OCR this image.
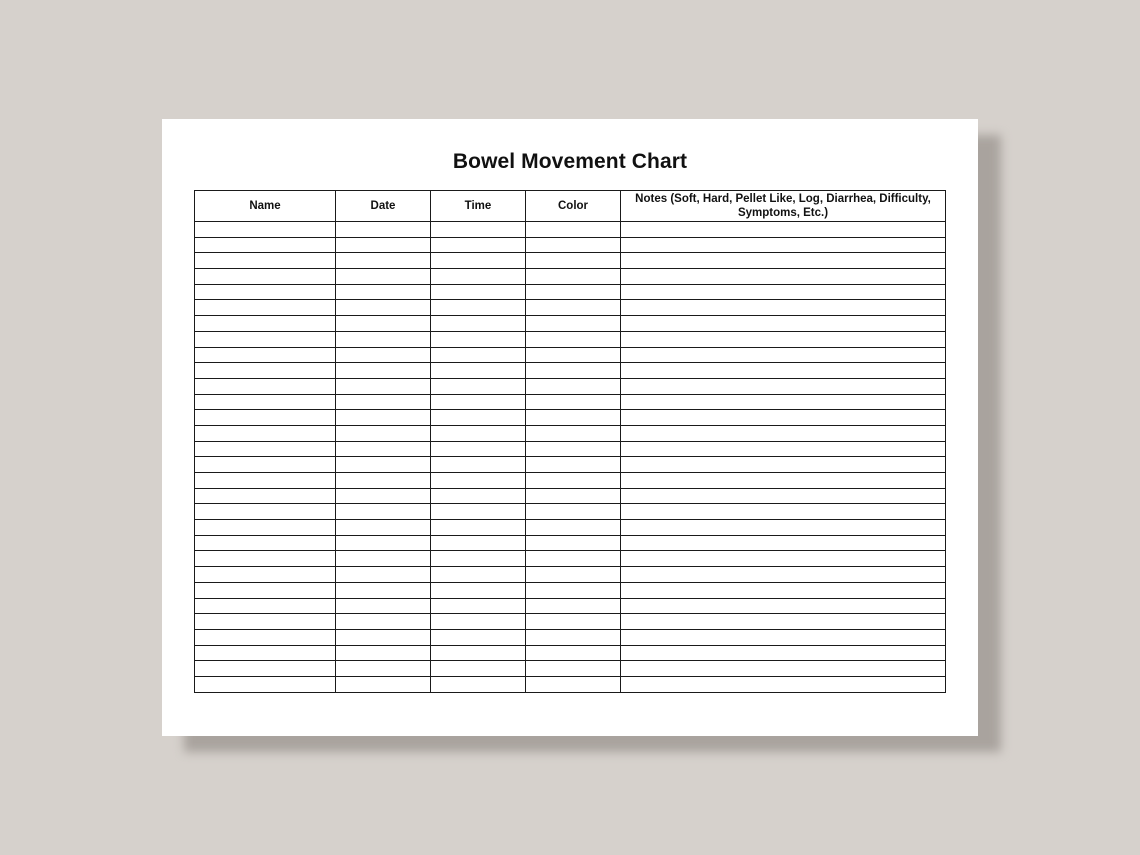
Bowel Movement Chart
Name	Date	Time	Color	Notes (Soft, Hard, Pellet Like, Log, Diarrhea, Difficulty, Symptoms, Etc.)
